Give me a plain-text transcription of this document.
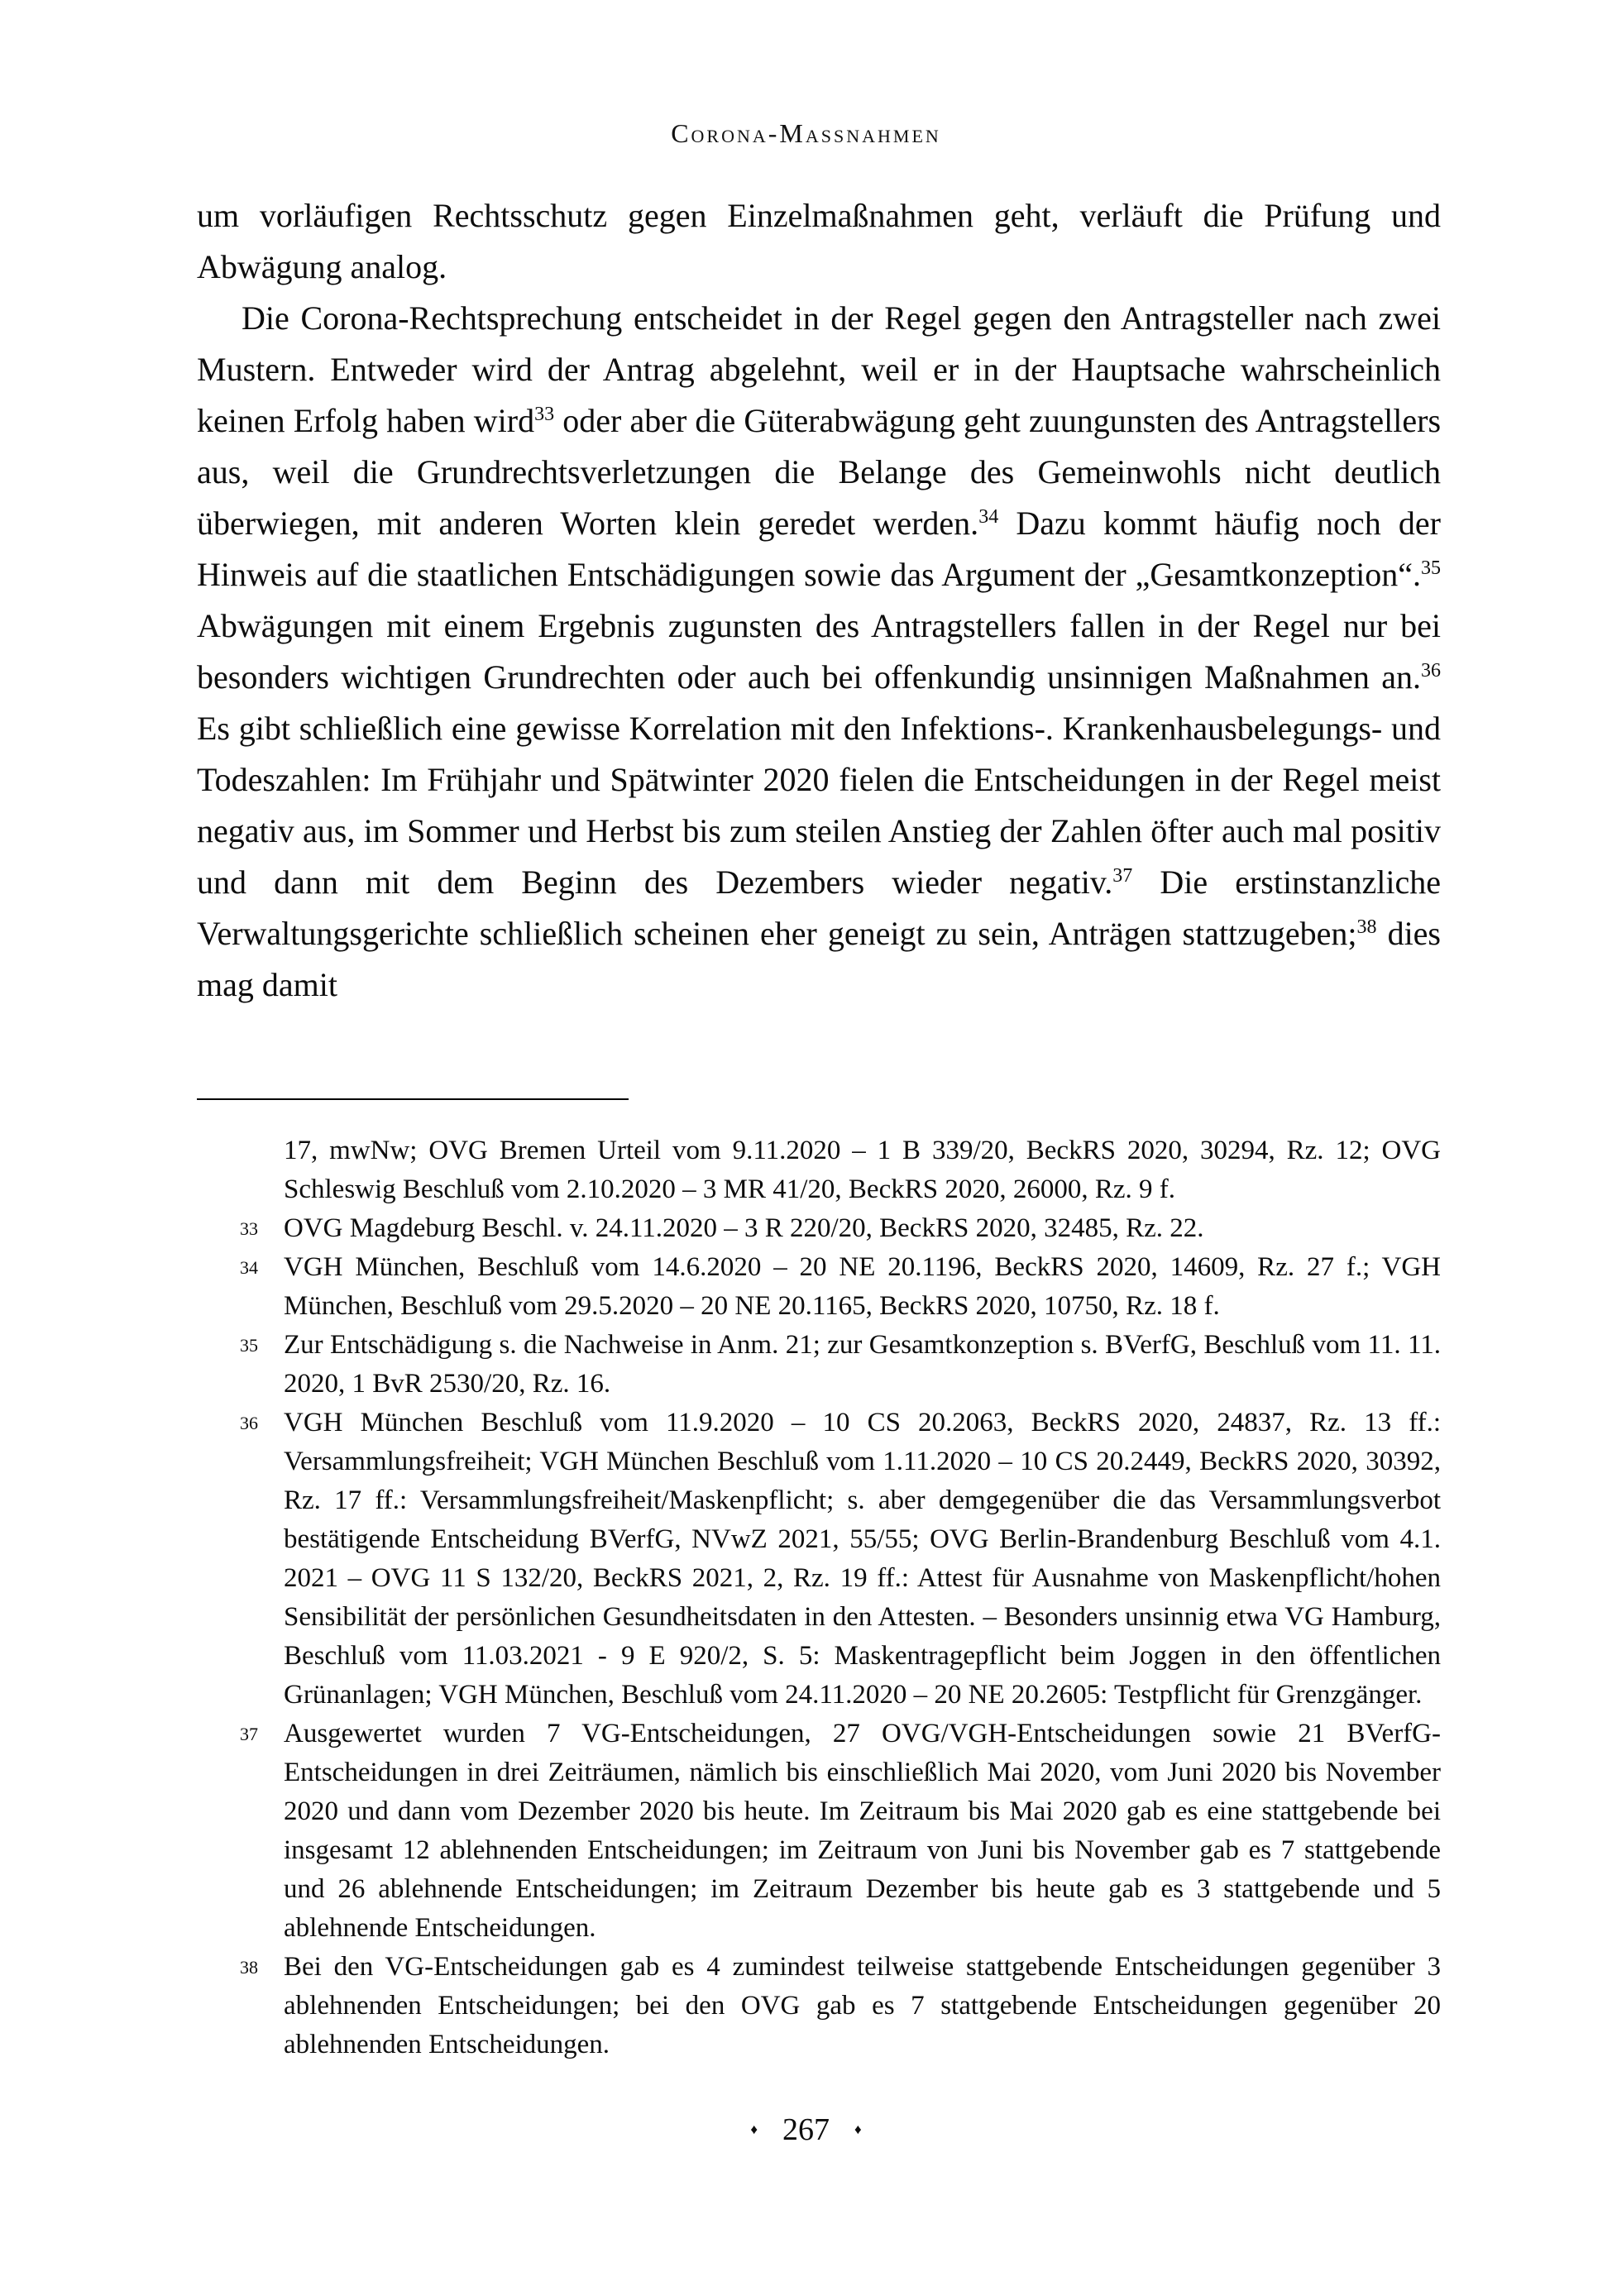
Corona-Massnahmen

um vorläufigen Rechtsschutz gegen Einzelmaßnahmen geht, verläuft die Prüfung und Abwägung analog.

Die Corona-Rechtsprechung entscheidet in der Regel gegen den Antragsteller nach zwei Mustern. Entweder wird der Antrag abgelehnt, weil er in der Hauptsache wahrscheinlich keinen Erfolg haben wird$^{33}$ oder aber die Güterabwägung geht zuungunsten des Antragstellers aus, weil die Grundrechtsverletzungen die Belange des Gemeinwohls nicht deutlich überwiegen, mit anderen Worten klein geredet werden.$^{34}$ Dazu kommt häufig noch der Hinweis auf die staatlichen Entschädigungen sowie das Argument der „Gesamtkonzeption“.$^{35}$ Abwägungen mit einem Ergebnis zugunsten des Antragstellers fallen in der Regel nur bei besonders wichtigen Grundrechten oder auch bei offenkundig unsinnigen Maßnahmen an.$^{36}$ Es gibt schließlich eine gewisse Korrelation mit den Infektions-. Krankenhausbelegungs- und Todeszahlen: Im Frühjahr und Spätwinter 2020 fielen die Entscheidungen in der Regel meist negativ aus, im Sommer und Herbst bis zum steilen Anstieg der Zahlen öfter auch mal positiv und dann mit dem Beginn des Dezembers wieder negativ.$^{37}$ Die erstinstanzliche Verwaltungsgerichte schließlich scheinen eher geneigt zu sein, Anträgen stattzugeben;$^{38}$ dies mag damit

17, mwNw; OVG Bremen Urteil vom 9.11.2020 – 1 B 339/20, BeckRS 2020, 30294, Rz. 12; OVG Schleswig Beschluß vom 2.10.2020 – 3 MR 41/20, BeckRS 2020, 26000, Rz. 9 f.
33 OVG Magdeburg Beschl. v. 24.11.2020 – 3 R 220/20, BeckRS 2020, 32485, Rz. 22.
34 VGH München, Beschluß vom 14.6.2020 – 20 NE 20.1196, BeckRS 2020, 14609, Rz. 27 f.; VGH München, Beschluß vom 29.5.2020 – 20 NE 20.1165, BeckRS 2020, 10750, Rz. 18 f.
35 Zur Entschädigung s. die Nachweise in Anm. 21; zur Gesamtkonzeption s. BVerfG, Beschluß vom 11. 11. 2020, 1 BvR 2530/20, Rz. 16.
36 VGH München Beschluß vom 11.9.2020 – 10 CS 20.2063, BeckRS 2020, 24837, Rz. 13 ff.: Versammlungsfreiheit; VGH München Beschluß vom 1.11.2020 – 10 CS 20.2449, BeckRS 2020, 30392, Rz. 17 ff.: Versammlungsfreiheit/Maskenpflicht; s. aber demgegenüber die das Versammlungsverbot bestätigende Entscheidung BVerfG, NVwZ 2021, 55/55; OVG Berlin-Brandenburg Beschluß vom 4.1. 2021 – OVG 11 S 132/20, BeckRS 2021, 2, Rz. 19 ff.: Attest für Ausnahme von Maskenpflicht/hohen Sensibilität der persönlichen Gesundheitsdaten in den Attesten. – Besonders unsinnig etwa VG Hamburg, Beschluß vom 11.03.2021 - 9 E 920/2, S. 5: Maskentragepflicht beim Joggen in den öffentlichen Grünanlagen; VGH München, Beschluß vom 24.11.2020 – 20 NE 20.2605: Testpflicht für Grenzgänger.
37 Ausgewertet wurden 7 VG-Entscheidungen, 27 OVG/VGH-Entscheidungen sowie 21 BVerfG-Entscheidungen in drei Zeiträumen, nämlich bis einschließlich Mai 2020, vom Juni 2020 bis November 2020 und dann vom Dezember 2020 bis heute. Im Zeitraum bis Mai 2020 gab es eine stattgebende bei insgesamt 12 ablehnenden Entscheidungen; im Zeitraum von Juni bis November gab es 7 stattgebende und 26 ablehnende Entscheidungen; im Zeitraum Dezember bis heute gab es 3 stattgebende und 5 ablehnende Entscheidungen.
38 Bei den VG-Entscheidungen gab es 4 zumindest teilweise stattgebende Entscheidungen gegenüber 3 ablehnenden Entscheidungen; bei den OVG gab es 7 stattgebende Entscheidungen gegenüber 20 ablehnenden Entscheidungen.
♦ 267 ♦
